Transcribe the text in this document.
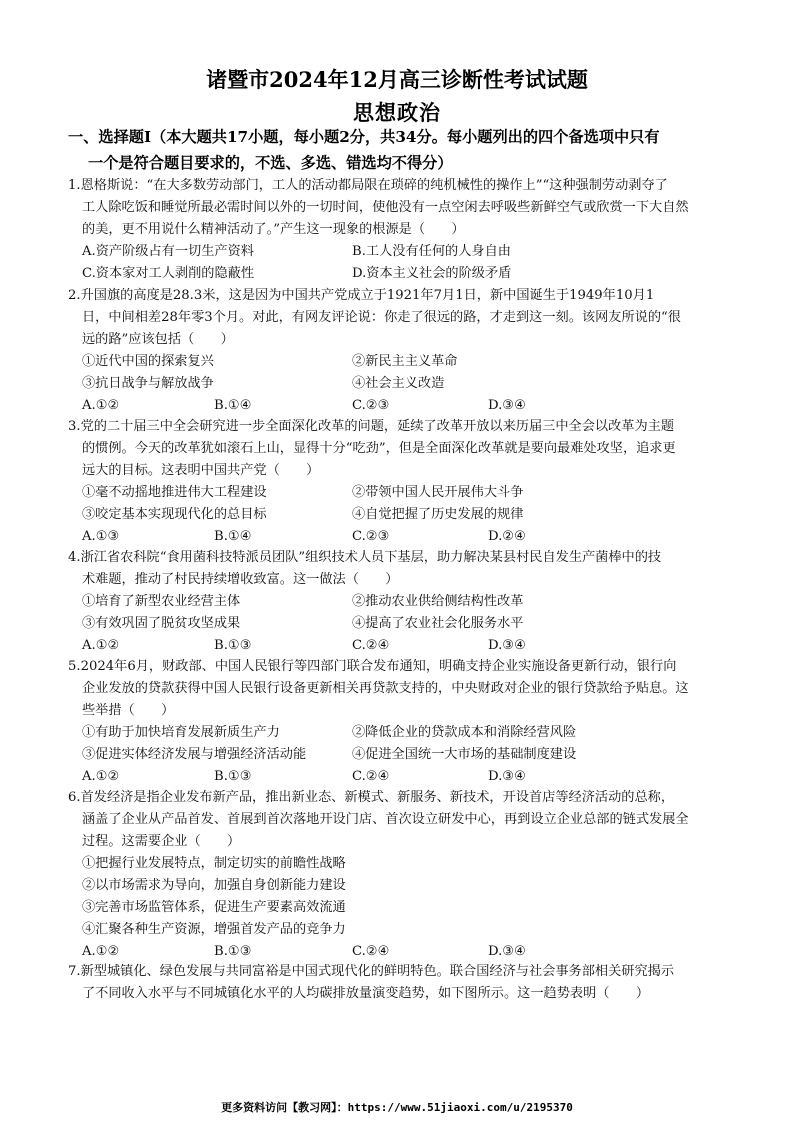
诸暨市2024年12月高三诊断性考试试题
思想政治
一、选择题Ⅰ（本大题共17小题，每小题2分，共34分。每小题列出的四个备选项中只有
一个是符合题目要求的，不选、多选、错选均不得分）
1.恩格斯说：“在大多数劳动部门，工人的活动都局限在琐碎的纯机械性的操作上”“这种强制劳动剥夺了
工人除吃饭和睡觉所最必需时间以外的一切时间，使他没有一点空闲去呼吸些新鲜空气或欣赏一下大自然
的美，更不用说什么精神活动了。”产生这一现象的根源是（　　）
A.资产阶级占有一切生产资料	B.工人没有任何的人身自由
C.资本家对工人剥削的隐蔽性	D.资本主义社会的阶级矛盾
2.升国旗的高度是28.3米，这是因为中国共产党成立于1921年7月1日，新中国诞生于1949年10月1
日，中间相差28年零3个月。对此，有网友评论说：你走了很远的路，才走到这一刻。该网友所说的“很
远的路”应该包括（　　）
①近代中国的探索复兴	②新民主主义革命
③抗日战争与解放战争	④社会主义改造
A.①②	B.①④	C.②③	D.③④
3.党的二十届三中全会研究进一步全面深化改革的问题，延续了改革开放以来历届三中全会以改革为主题
的惯例。今天的改革犹如滚石上山，显得十分“吃劲”，但是全面深化改革就是要向最难处攻坚，追求更
远大的目标。这表明中国共产党（　　）
①毫不动摇地推进伟大工程建设	②带领中国人民开展伟大斗争
③咬定基本实现现代化的总目标	④自觉把握了历史发展的规律
A.①③	B.①④	C.②③	D.②④
4.浙江省农科院“食用菌科技特派员团队”组织技术人员下基层，助力解决某县村民自发生产菌棒中的技
术难题，推动了村民持续增收致富。这一做法（　　）
①培育了新型农业经营主体	②推动农业供给侧结构性改革
③有效巩固了脱贫攻坚成果	④提高了农业社会化服务水平
A.①②	B.①③	C.②④	D.③④
5.2024年6月，财政部、中国人民银行等四部门联合发布通知，明确支持企业实施设备更新行动，银行向
企业发放的贷款获得中国人民银行设备更新相关再贷款支持的，中央财政对企业的银行贷款给予贴息。这
些举措（　　）
①有助于加快培育发展新质生产力	②降低企业的贷款成本和消除经营风险
③促进实体经济发展与增强经济活动能	④促进全国统一大市场的基础制度建设
A.①②	B.①③	C.②④	D.③④
6.首发经济是指企业发布新产品，推出新业态、新模式、新服务、新技术，开设首店等经济活动的总称，
涵盖了企业从产品首发、首展到首次落地开设门店、首次设立研发中心，再到设立企业总部的链式发展全
过程。这需要企业（　　）
①把握行业发展特点，制定切实的前瞻性战略
②以市场需求为导向，加强自身创新能力建设
③完善市场监管体系，促进生产要素高效流通
④汇聚各种生产资源，增强首发产品的竞争力
A.①②	B.①③	C.②④	D.③④
7.新型城镇化、绿色发展与共同富裕是中国式现代化的鲜明特色。联合国经济与社会事务部相关研究揭示
了不同收入水平与不同城镇化水平的人均碳排放量演变趋势，如下图所示。这一趋势表明（　　）
更多资料访问【教习网】：https://www.51jiaoxi.com/u/2195370
